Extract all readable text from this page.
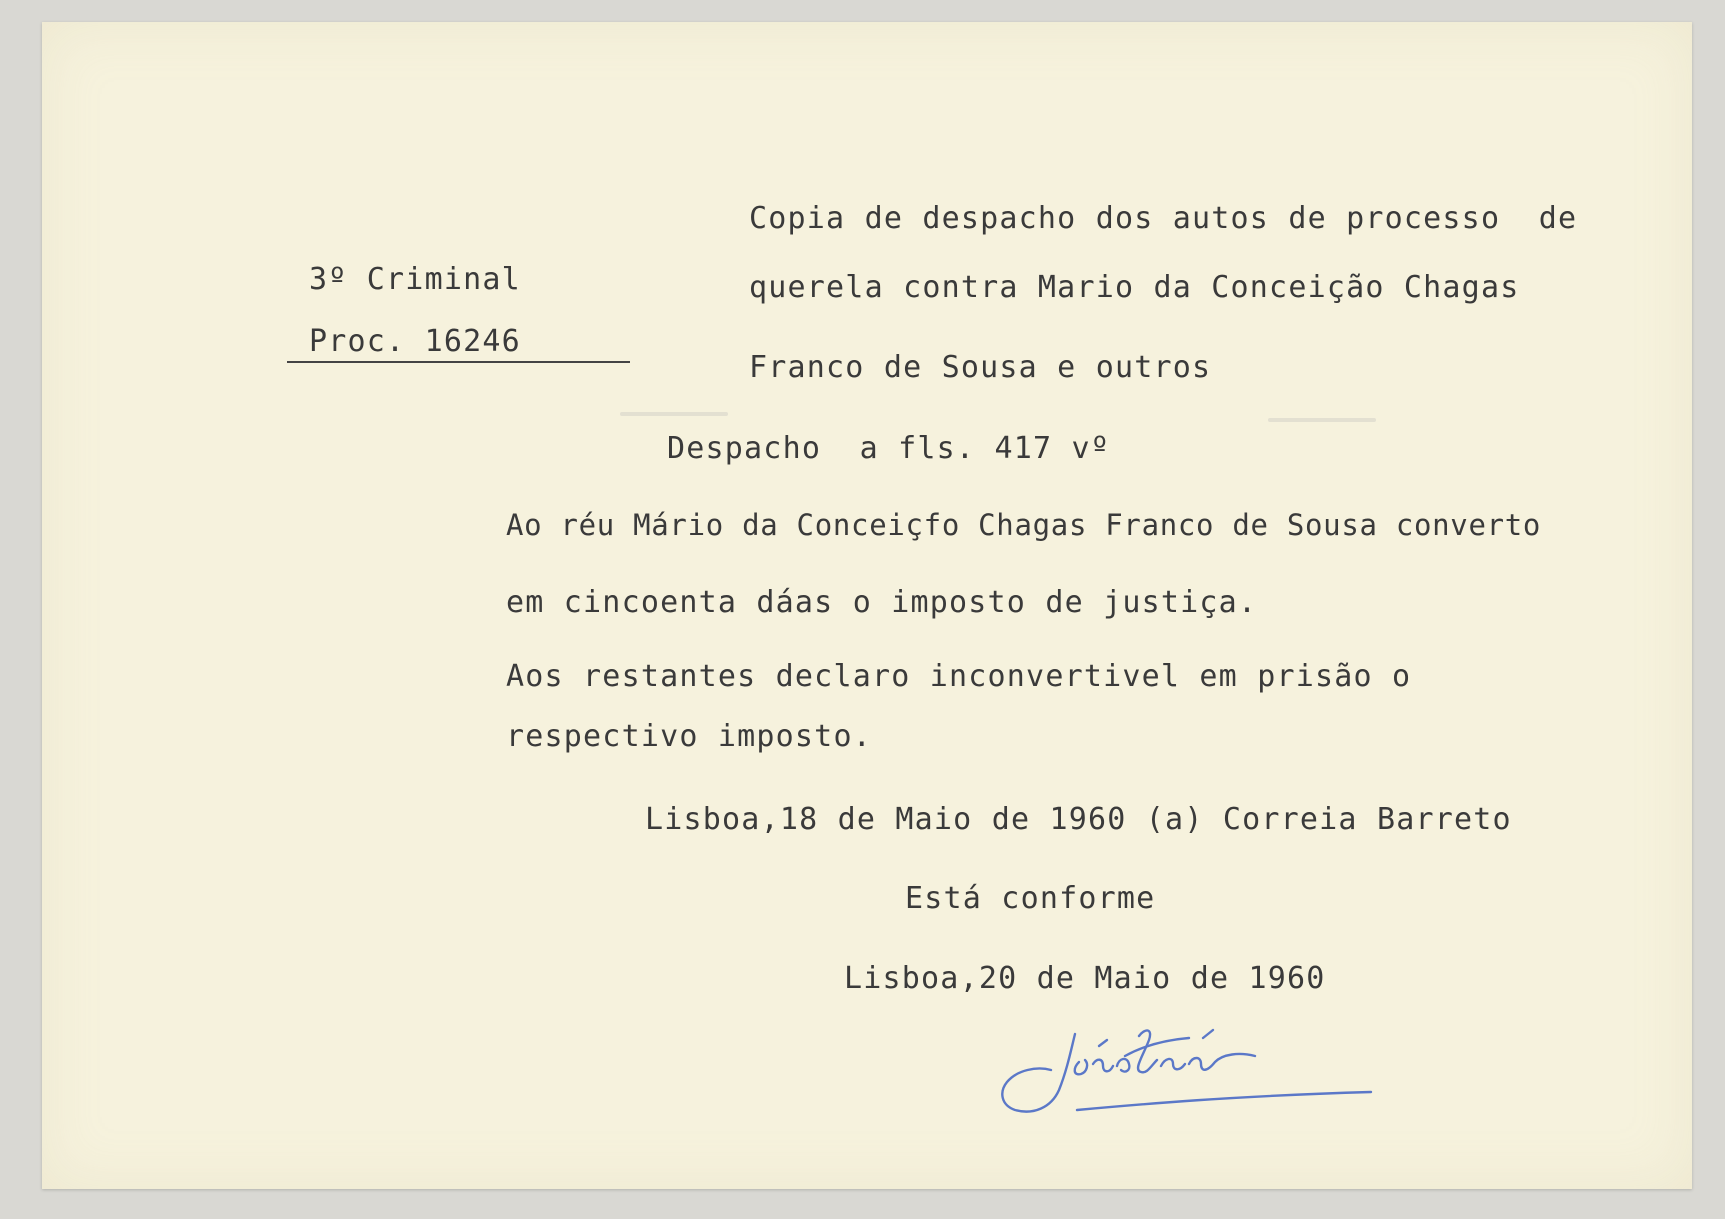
3º Criminal
Proc. 16246
Copia de despacho dos autos de processo  de
querela contra Mario da Conceição Chagas
Franco de Sousa e outros
Despacho  a fls. 417 vº
Ao réu Mário da Conceiçfo Chagas Franco de Sousa converto
em cincoenta dáas o imposto de justiça.
Aos restantes declaro inconvertivel em prisão o
respectivo imposto.
Lisboa,18 de Maio de 1960 (a) Correia Barreto
Está conforme
Lisboa,20 de Maio de 1960
